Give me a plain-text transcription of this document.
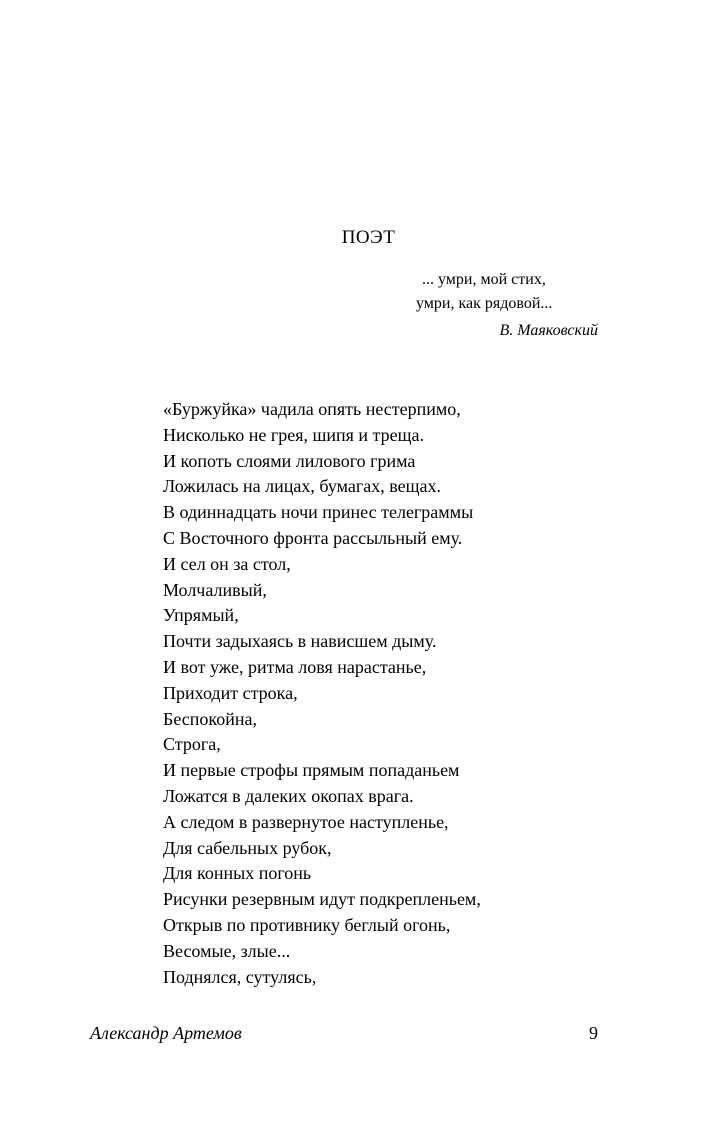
ПОЭТ
... умри, мой стих,
умри, как рядовой...
В. Маяковский
«Буржуйка» чадила опять нестерпимо,
Нисколько не грея, шипя и треща.
И копоть слоями лилового грима
Ложилась на лицах, бумагах, вещах.
В одиннадцать ночи принес телеграммы
С Восточного фронта рассыльный ему.
И сел он за стол,
Молчаливый,
Упрямый,
Почти задыхаясь в нависшем дыму.
И вот уже, ритма ловя нарастанье,
Приходит строка,
Беспокойна,
Строга,
И первые строфы прямым попаданьем
Ложатся в далеких окопах врага.
А следом в развернутое наступленье,
Для сабельных рубок,
Для конных погонь
Рисунки резервным идут подкрепленьем,
Открыв по противнику беглый огонь,
Весомые, злые...
Поднялся, сутулясь,
Александр Артемов	9
